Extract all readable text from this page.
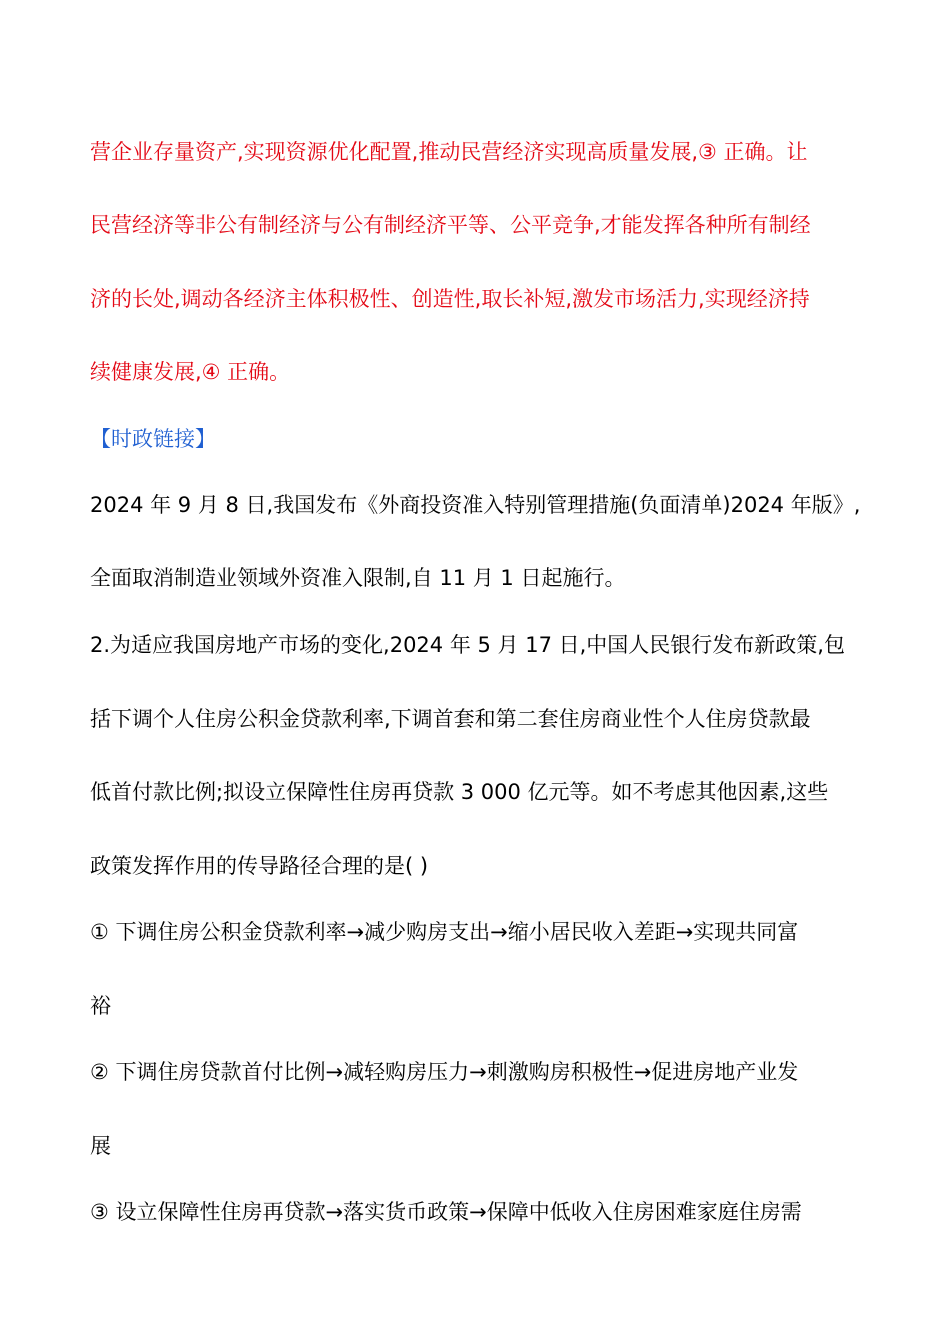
营企业存量资产,实现资源优化配置,推动民营经济实现高质量发展,③ 正确。让
民营经济等非公有制经济与公有制经济平等、公平竞争,才能发挥各种所有制经
济的长处,调动各经济主体积极性、创造性,取长补短,激发市场活力,实现经济持
续健康发展,④ 正确。
【时政链接】
2024 年 9 月 8 日,我国发布《外商投资准入特别管理措施(负面清单)2024 年版》,
全面取消制造业领域外资准入限制,自 11 月 1 日起施行。
2.为适应我国房地产市场的变化,2024 年 5 月 17 日,中国人民银行发布新政策,包
括下调个人住房公积金贷款利率,下调首套和第二套住房商业性个人住房贷款最
低首付款比例;拟设立保障性住房再贷款 3 000 亿元等。如不考虑其他因素,这些
政策发挥作用的传导路径合理的是( )
① 下调住房公积金贷款利率→减少购房支出→缩小居民收入差距→实现共同富
裕
② 下调住房贷款首付比例→减轻购房压力→刺激购房积极性→促进房地产业发
展
③ 设立保障性住房再贷款→落实货币政策→保障中低收入住房困难家庭住房需
